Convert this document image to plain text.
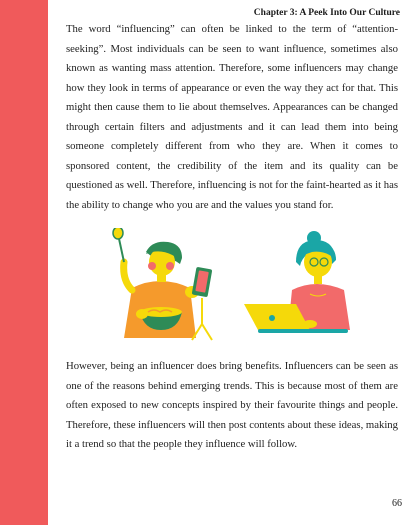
Chapter 3: A Peek Into Our Culture

The word “influencing” can often be linked to the term of “attention-seeking”. Most individuals can be seen to want influence, sometimes also known as wanting mass attention. Therefore, some influencers may change how they look in terms of appearance or even the way they act for that. This might then cause them to lie about themselves. Appearances can be changed through certain filters and adjustments and it can lead them into being someone completely different from who they are. When it comes to sponsored content, the credibility of the item and its quality can be questioned as well. Therefore, influencing is not for the faint-hearted as it has the ability to change who you are and the values you stand for.

However, being an influencer does bring benefits. Influencers can be seen as one of the reasons behind emerging trends. This is because most of them are often exposed to new concepts inspired by their favourite things and people. Therefore, these influencers will then post contents about these ideas, making it a trend so that the people they influence will follow.

66
